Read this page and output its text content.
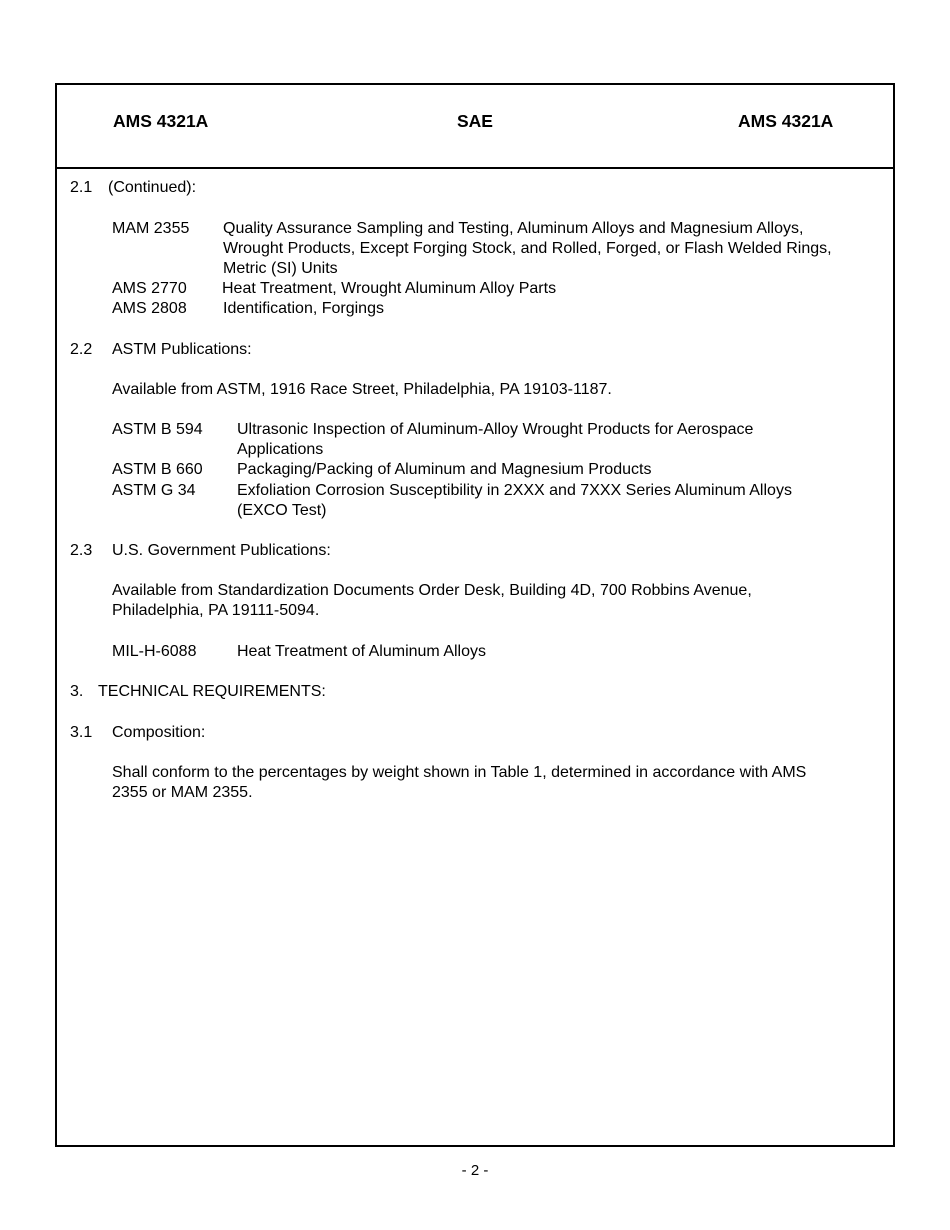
AMS 4321A	SAE	AMS 4321A
2.1 (Continued):
MAM 2355 Quality Assurance Sampling and Testing, Aluminum Alloys and Magnesium Alloys,
Wrought Products, Except Forging Stock, and Rolled, Forged, or Flash Welded Rings,
Metric (SI) Units
AMS 2770 Heat Treatment, Wrought Aluminum Alloy Parts
AMS 2808 Identification, Forgings
2.2 ASTM Publications:
Available from ASTM, 1916 Race Street, Philadelphia, PA 19103-1187.
ASTM B 594 Ultrasonic Inspection of Aluminum-Alloy Wrought Products for Aerospace
Applications
ASTM B 660 Packaging/Packing of Aluminum and Magnesium Products
ASTM G 34	Exfoliation Corrosion Susceptibility in 2XXX and 7XXX Series Aluminum Alloys
(EXCO Test)
2.3 U.S. Government Publications:
Available from Standardization Documents Order Desk, Building 4D, 700 Robbins Avenue,
Philadelphia, PA 19111-5094.
MIL-H-6088	Heat Treatment of Aluminum Alloys
3. TECHNICAL REQUIREMENTS:
3.1 Composition:
Shall conform to the percentages by weight shown in Table 1, determined in accordance with AMS
2355 or MAM 2355.
- 2 -
